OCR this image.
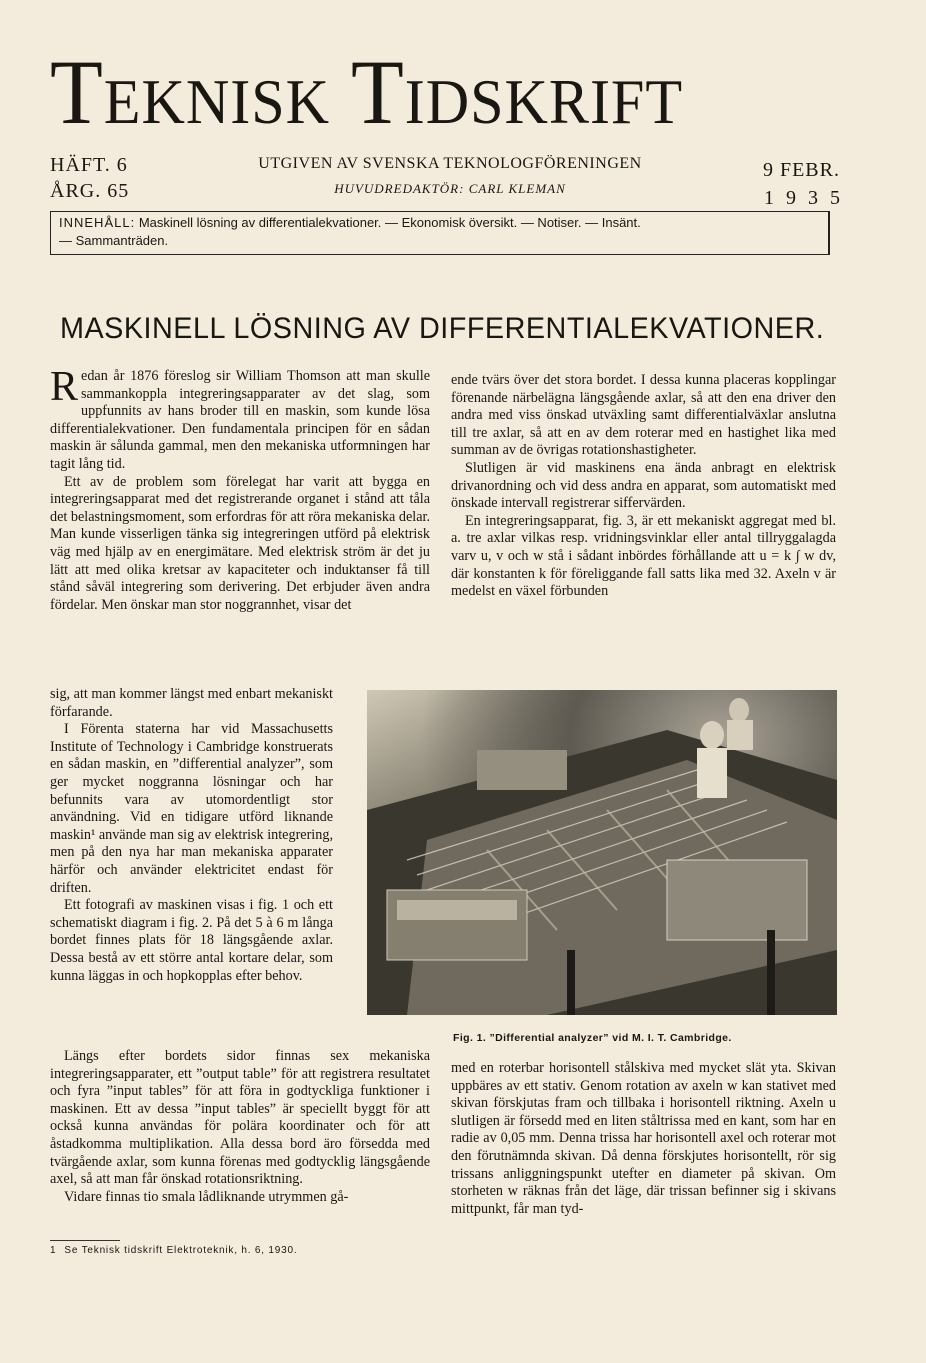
Teknisk Tidskrift
HÄFT. 6
ÅRG. 65
UTGIVEN AV SVENSKA TEKNOLOGFÖRENINGEN
HUVUDREDAKTÖR: CARL KLEMAN
9 FEBR.
1935
INNEHÅLL: Maskinell lösning av differentialekvationer. — Ekonomisk översikt. — Notiser. — Insänt.
— Sammanträden.
MASKINELL LÖSNING AV DIFFERENTIALEKVATIONER.

Redan år 1876 föreslog sir William Thomson att man skulle sammankoppla integreringsapparater av det slag, som uppfunnits av hans broder till en maskin, som kunde lösa differentialekvationer. Den fundamentala principen för en sådan maskin är sålunda gammal, men den mekaniska utformningen har tagit lång tid.

Ett av de problem som förelegat har varit att bygga en integreringsapparat med det registrerande organet i stånd att tåla det belastningsmoment, som erfordras för att röra mekaniska delar. Man kunde visserligen tänka sig integreringen utförd på elektrisk väg med hjälp av en energimätare. Med elektrisk ström är det ju lätt att med olika kretsar av kapaciteter och induktanser få till stånd såväl integrering som derivering. Det erbjuder även andra fördelar. Men önskar man stor noggrannhet, visar det

sig, att man kommer längst med enbart mekaniskt förfarande.

I Förenta staterna har vid Massachusetts Institute of Technology i Cambridge konstruerats en sådan maskin, en ”differential analyzer”, som ger mycket noggranna lösningar och har befunnits vara av utomordentligt stor användning. Vid en tidigare utförd liknande maskin¹ använde man sig av elektrisk integrering, men på den nya har man mekaniska apparater härför och använder elektricitet endast för driften.

Ett fotografi av maskinen visas i fig. 1 och ett schematiskt diagram i fig. 2. På det 5 à 6 m långa bordet finnes plats för 18 längsgående axlar. Dessa bestå av ett större antal kortare delar, som kunna läggas in och hopkopplas efter behov.

Längs efter bordets sidor finnas sex mekaniska integreringsapparater, ett ”output table” för att registrera resultatet och fyra ”input tables” för att föra in godtyckliga funktioner i maskinen. Ett av dessa ”input tables” är speciellt byggt för att också kunna användas för polära koordinater och för att åstadkomma multiplikation. Alla dessa bord äro försedda med tvärgående axlar, som kunna förenas med godtycklig längsgående axel, så att man får önskad rotationsriktning.

Vidare finnas tio smala lådliknande utrymmen gå-

ende tvärs över det stora bordet. I dessa kunna placeras kopplingar förenande närbelägna längsgående axlar, så att den ena driver den andra med viss önskad utväxling samt differentialväxlar anslutna till tre axlar, så att en av dem roterar med en hastighet lika med summan av de övrigas rotationshastigheter.

Slutligen är vid maskinens ena ända anbragt en elektrisk drivanordning och vid dess andra en apparat, som automatiskt med önskade intervall registrerar siffervärden.

En integreringsapparat, fig. 3, är ett mekaniskt aggregat med bl. a. tre axlar vilkas resp. vridningsvinklar eller antal tillryggalagda varv u, v och w stå i sådant inbördes förhållande att u = k ∫ w dv, där konstanten k för föreliggande fall satts lika med 32. Axeln v är medelst en växel förbunden

Fig. 1. ”Differential analyzer” vid M. I. T. Cambridge.

med en roterbar horisontell stålskiva med mycket slät yta. Skivan uppbäres av ett stativ. Genom rotation av axeln w kan stativet med skivan förskjutas fram och tillbaka i horisontell riktning. Axeln u slutligen är försedd med en liten ståltrissa med en kant, som har en radie av 0,05 mm. Denna trissa har horisontell axel och roterar mot den förutnämnda skivan. Då denna förskjutes horisontellt, rör sig trissans anliggningspunkt utefter en diameter på skivan. Om storheten w räknas från det läge, där trissan befinner sig i skivans mittpunkt, får man tyd-

1 Se Teknisk tidskrift Elektroteknik, h. 6, 1930.
